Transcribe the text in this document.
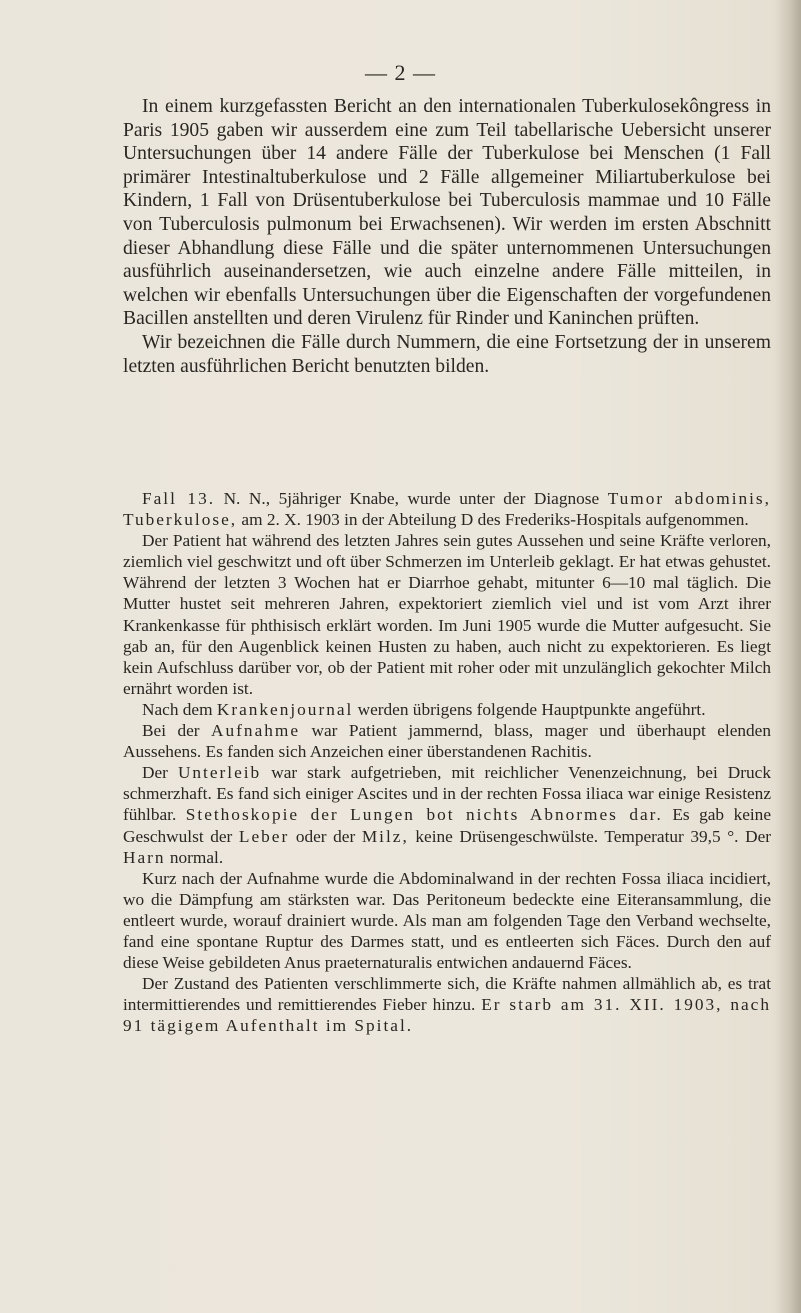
— 2 —

In einem kurzgefassten Bericht an den internationalen Tuberkulosekôngress in Paris 1905 gaben wir ausserdem eine zum Teil tabellarische Uebersicht unserer Untersuchungen über 14 andere Fälle der Tuberkulose bei Menschen (1 Fall primärer Intestinaltuberkulose und 2 Fälle allgemeiner Miliartuberkulose bei Kindern, 1 Fall von Drüsentuberkulose bei Tuberculosis mammae und 10 Fälle von Tuberculosis pulmonum bei Erwachsenen). Wir werden im ersten Abschnitt dieser Abhandlung diese Fälle und die später unternommenen Untersuchungen ausführlich auseinandersetzen, wie auch einzelne andere Fälle mitteilen, in welchen wir ebenfalls Untersuchungen über die Eigenschaften der vorgefundenen Bacillen anstellten und deren Virulenz für Rinder und Kaninchen prüften.

Wir bezeichnen die Fälle durch Nummern, die eine Fortsetzung der in unserem letzten ausführlichen Bericht benutzten bilden.

Fall 13. N. N., 5jähriger Knabe, wurde unter der Diagnose Tumor abdominis, Tuberkulose, am 2. X. 1903 in der Abteilung D des Frederiks-Hospitals aufgenommen.

Der Patient hat während des letzten Jahres sein gutes Aussehen und seine Kräfte verloren, ziemlich viel geschwitzt und oft über Schmerzen im Unterleib geklagt. Er hat etwas gehustet. Während der letzten 3 Wochen hat er Diarrhoe gehabt, mitunter 6—10 mal täglich. Die Mutter hustet seit mehreren Jahren, expektoriert ziemlich viel und ist vom Arzt ihrer Krankenkasse für phthisisch erklärt worden. Im Juni 1905 wurde die Mutter aufgesucht. Sie gab an, für den Augenblick keinen Husten zu haben, auch nicht zu expektorieren. Es liegt kein Aufschluss darüber vor, ob der Patient mit roher oder mit unzulänglich gekochter Milch ernährt worden ist.

Nach dem Krankenjournal werden übrigens folgende Hauptpunkte angeführt.

Bei der Aufnahme war Patient jammernd, blass, mager und überhaupt elenden Aussehens. Es fanden sich Anzeichen einer überstandenen Rachitis.

Der Unterleib war stark aufgetrieben, mit reichlicher Venenzeichnung, bei Druck schmerzhaft. Es fand sich einiger Ascites und in der rechten Fossa iliaca war einige Resistenz fühlbar. Stethoskopie der Lungen bot nichts Abnormes dar. Es gab keine Geschwulst der Leber oder der Milz, keine Drüsengeschwülste. Temperatur 39,5 °. Der Harn normal.

Kurz nach der Aufnahme wurde die Abdominalwand in der rechten Fossa iliaca incidiert, wo die Dämpfung am stärksten war. Das Peritoneum bedeckte eine Eiteransammlung, die entleert wurde, worauf drainiert wurde. Als man am folgenden Tage den Verband wechselte, fand eine spontane Ruptur des Darmes statt, und es entleerten sich Fäces. Durch den auf diese Weise gebildeten Anus praeternaturalis entwichen andauernd Fäces.

Der Zustand des Patienten verschlimmerte sich, die Kräfte nahmen allmählich ab, es trat intermittierendes und remittierendes Fieber hinzu. Er starb am 31. XII. 1903, nach 91 tägigem Aufenthalt im Spital.
